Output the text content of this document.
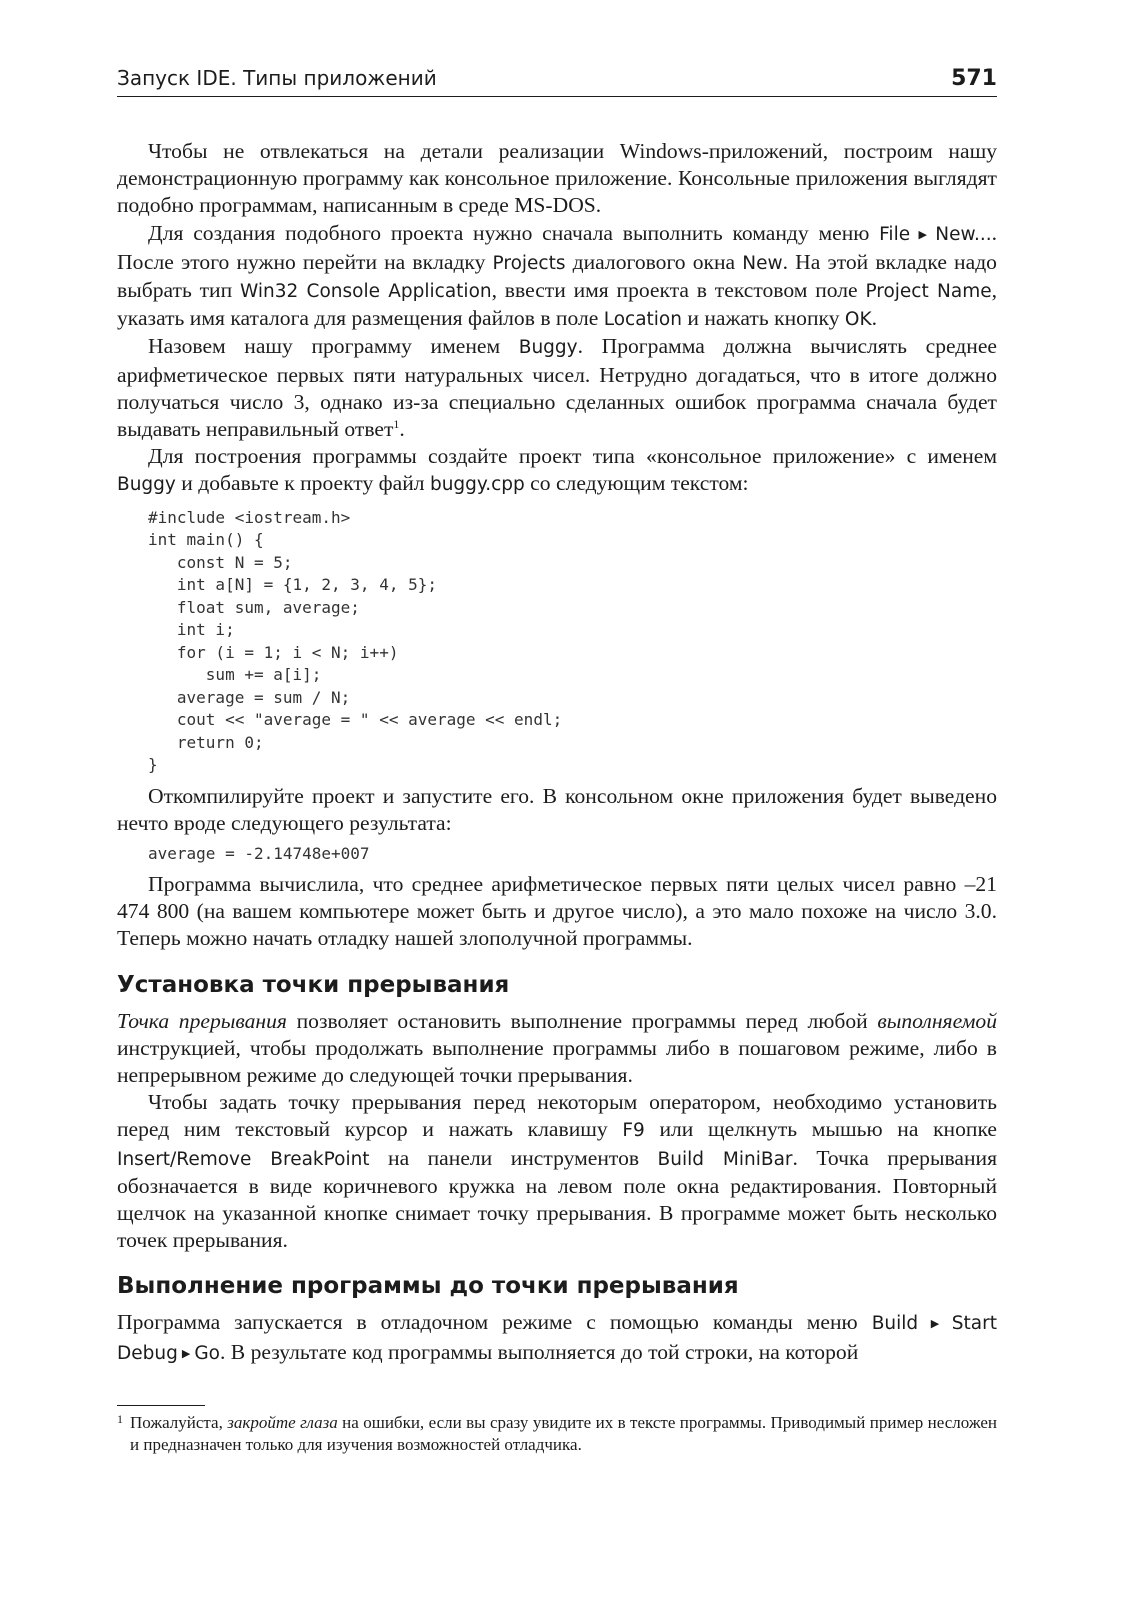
Запуск IDE. Типы приложений	571

Чтобы не отвлекаться на детали реализации Windows-приложений, построим нашу демонстрационную программу как консольное приложение. Консольные приложения выглядят подобно программам, написанным в среде MS-DOS.

Для создания подобного проекта нужно сначала выполнить команду меню File ▶ New.... После этого нужно перейти на вкладку Projects диалогового окна New. На этой вкладке надо выбрать тип Win32 Console Application, ввести имя проекта в текстовом поле Project Name, указать имя каталога для размещения файлов в поле Location и нажать кнопку OK.

Назовем нашу программу именем Buggy. Программа должна вычислять среднее арифметическое первых пяти натуральных чисел. Нетрудно догадаться, что в итоге должно получаться число 3, однако из-за специально сделанных ошибок программа сначала будет выдавать неправильный ответ$^1$.

Для построения программы создайте проект типа «консольное приложение» с именем Buggy и добавьте к проекту файл buggy.cpp со следующим текстом:

#include <iostream.h>
int main() {
const N = 5;
int a[N] = {1, 2, 3, 4, 5};
float sum, average;
int i;
for (i = 1; i < N; i++)
sum += a[i];
average = sum / N;
cout << "average = " << average << endl;
return 0;
}

Откомпилируйте проект и запустите его. В консольном окне приложения будет выведено нечто вроде следующего результата:

average = -2.14748e+007

Программа вычислила, что среднее арифметическое первых пяти целых чисел равно –21 474 800 (на вашем компьютере может быть и другое число), а это мало похоже на число 3.0. Теперь можно начать отладку нашей злополучной программы.

Установка точки прерывания

Точка прерывания позволяет остановить выполнение программы перед любой выполняемой инструкцией, чтобы продолжать выполнение программы либо в пошаговом режиме, либо в непрерывном режиме до следующей точки прерывания.

Чтобы задать точку прерывания перед некоторым оператором, необходимо установить перед ним текстовый курсор и нажать клавишу F9 или щелкнуть мышью на кнопке Insert/Remove BreakPoint на панели инструментов Build MiniBar. Точка прерывания обозначается в виде коричневого кружка на левом поле окна редактирования. Повторный щелчок на указанной кнопке снимает точку прерывания. В программе может быть несколько точек прерывания.

Выполнение программы до точки прерывания

Программа запускается в отладочном режиме с помощью команды меню Build ▶ Start Debug ▶ Go. В результате код программы выполняется до той строки, на которой

1 Пожалуйста, закройте глаза на ошибки, если вы сразу увидите их в тексте программы. Приводимый пример несложен и предназначен только для изучения возможностей отладчика.
